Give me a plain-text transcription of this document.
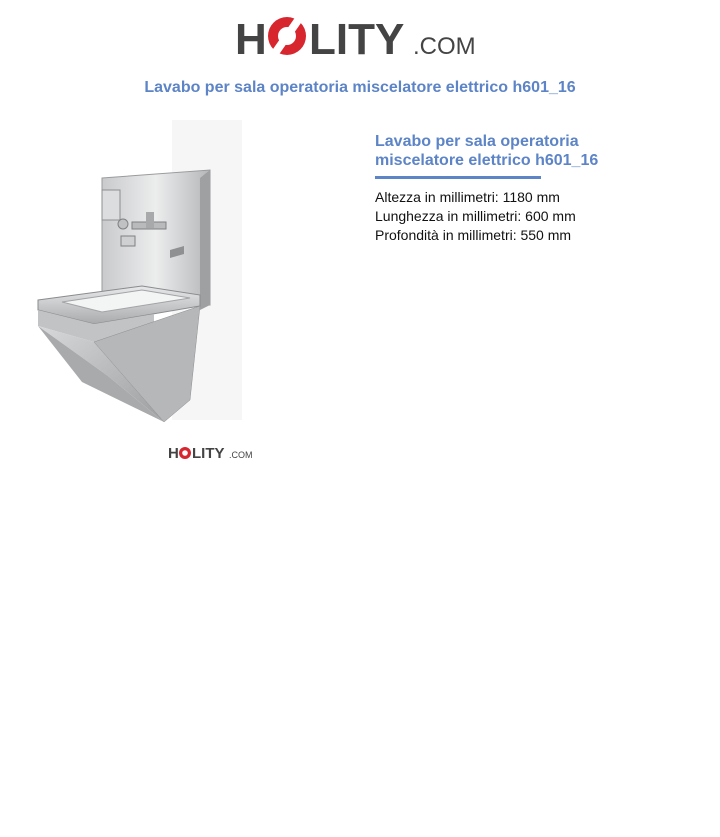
H LITY .COM
Lavabo per sala operatoria miscelatore elettrico h601_16
H LITY .COM
Lavabo per sala operatoria miscelatore elettrico h601_16
Altezza in millimetri: 1180 mm
Lunghezza in millimetri: 600 mm
Profondità in millimetri: 550 mm
